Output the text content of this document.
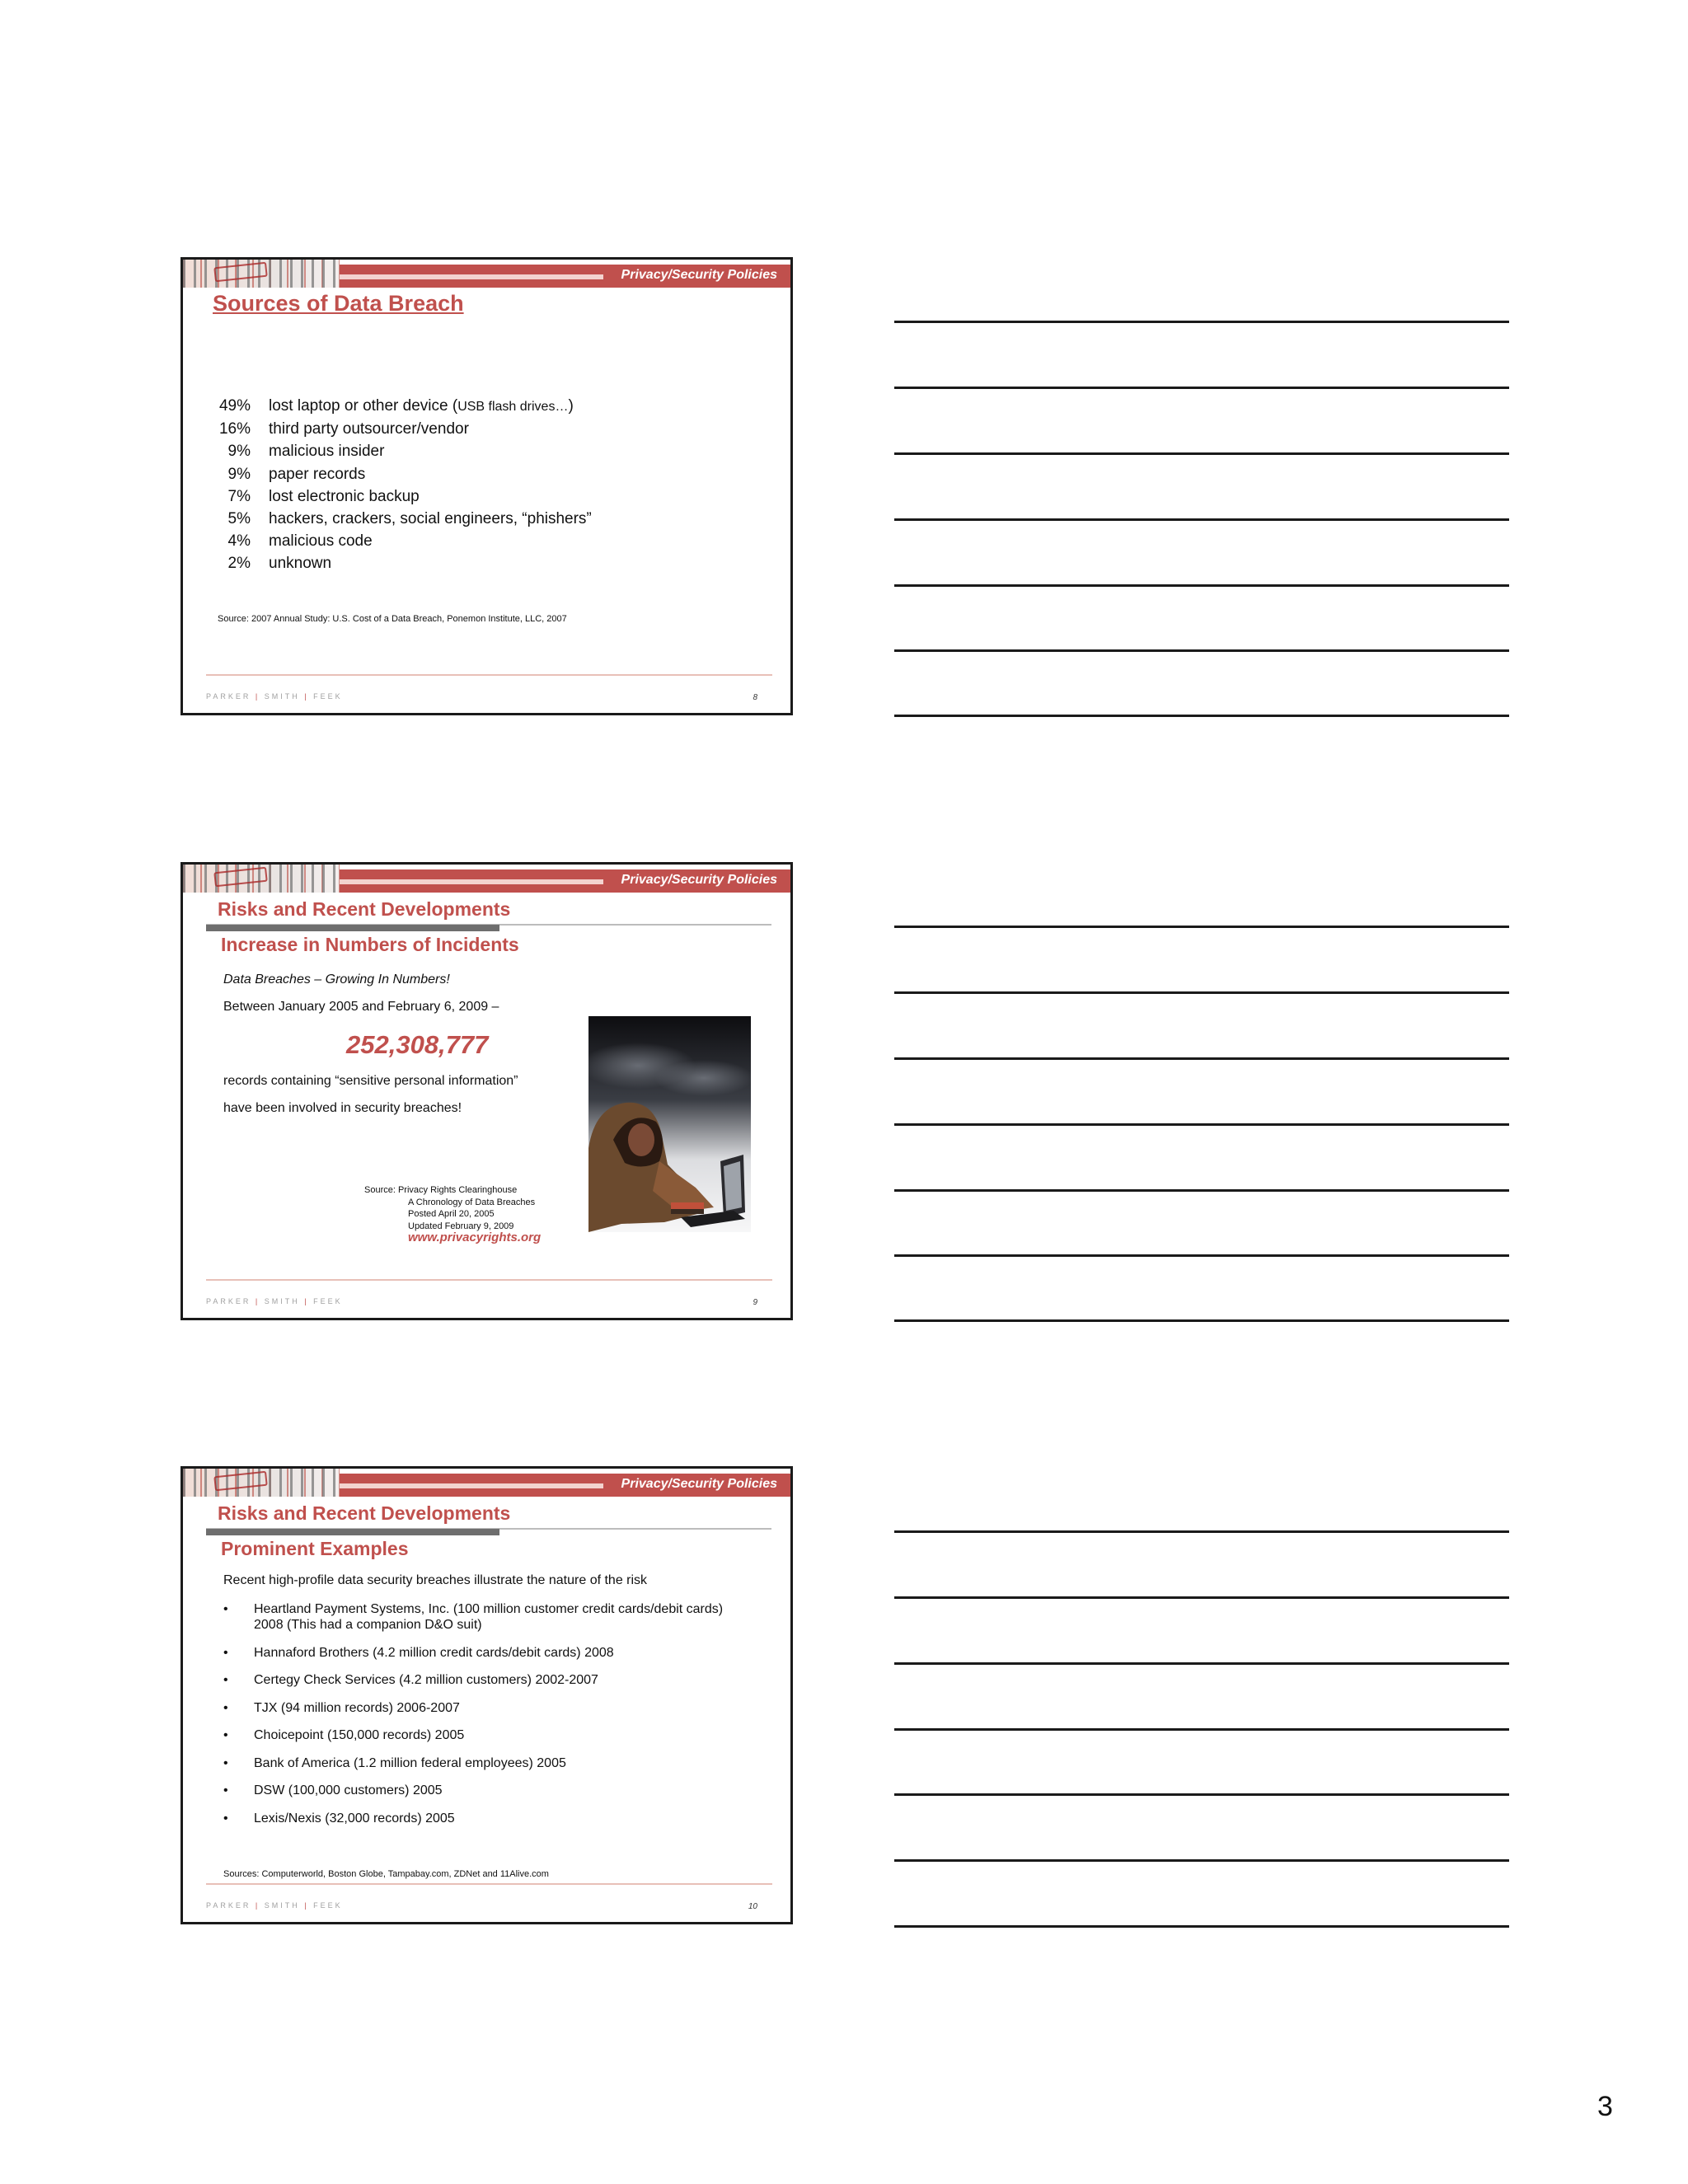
Privacy/Security Policies
Sources of Data Breach
49%	lost laptop or other device (USB flash drives…)
16%	third party outsourcer/vendor
9%	malicious insider
9%	paper records
7%	lost electronic backup
5%	hackers, crackers, social engineers, “phishers”
4%	malicious code
2%	unknown
Source: 2007 Annual Study: U.S. Cost of a Data Breach, Ponemon Institute, LLC, 2007
PARKER | SMITH | FEEK	8
Privacy/Security Policies
Risks and Recent Developments
Increase in Numbers of Incidents
Data Breaches – Growing In Numbers!
Between January 2005 and February 6, 2009 –
252,308,777
records containing “sensitive personal information”
have been involved in security breaches!
Source: Privacy Rights Clearinghouse
A Chronology of Data Breaches
Posted April 20, 2005
Updated February 9, 2009
www.privacyrights.org
PARKER | SMITH | FEEK	9
Privacy/Security Policies
Risks and Recent Developments
Prominent Examples
Recent high-profile data security breaches illustrate the nature of the risk
• Heartland Payment Systems, Inc. (100 million customer credit cards/debit cards) 2008 (This had a companion D&O suit)
• Hannaford Brothers (4.2 million credit cards/debit cards) 2008
• Certegy Check Services (4.2 million customers) 2002-2007
• TJX (94 million records) 2006-2007
• Choicepoint (150,000 records) 2005
• Bank of America (1.2 million federal employees) 2005
• DSW (100,000 customers) 2005
• Lexis/Nexis (32,000 records) 2005
Sources: Computerworld, Boston Globe, Tampabay.com, ZDNet and 11Alive.com
PARKER | SMITH | FEEK	10
3
